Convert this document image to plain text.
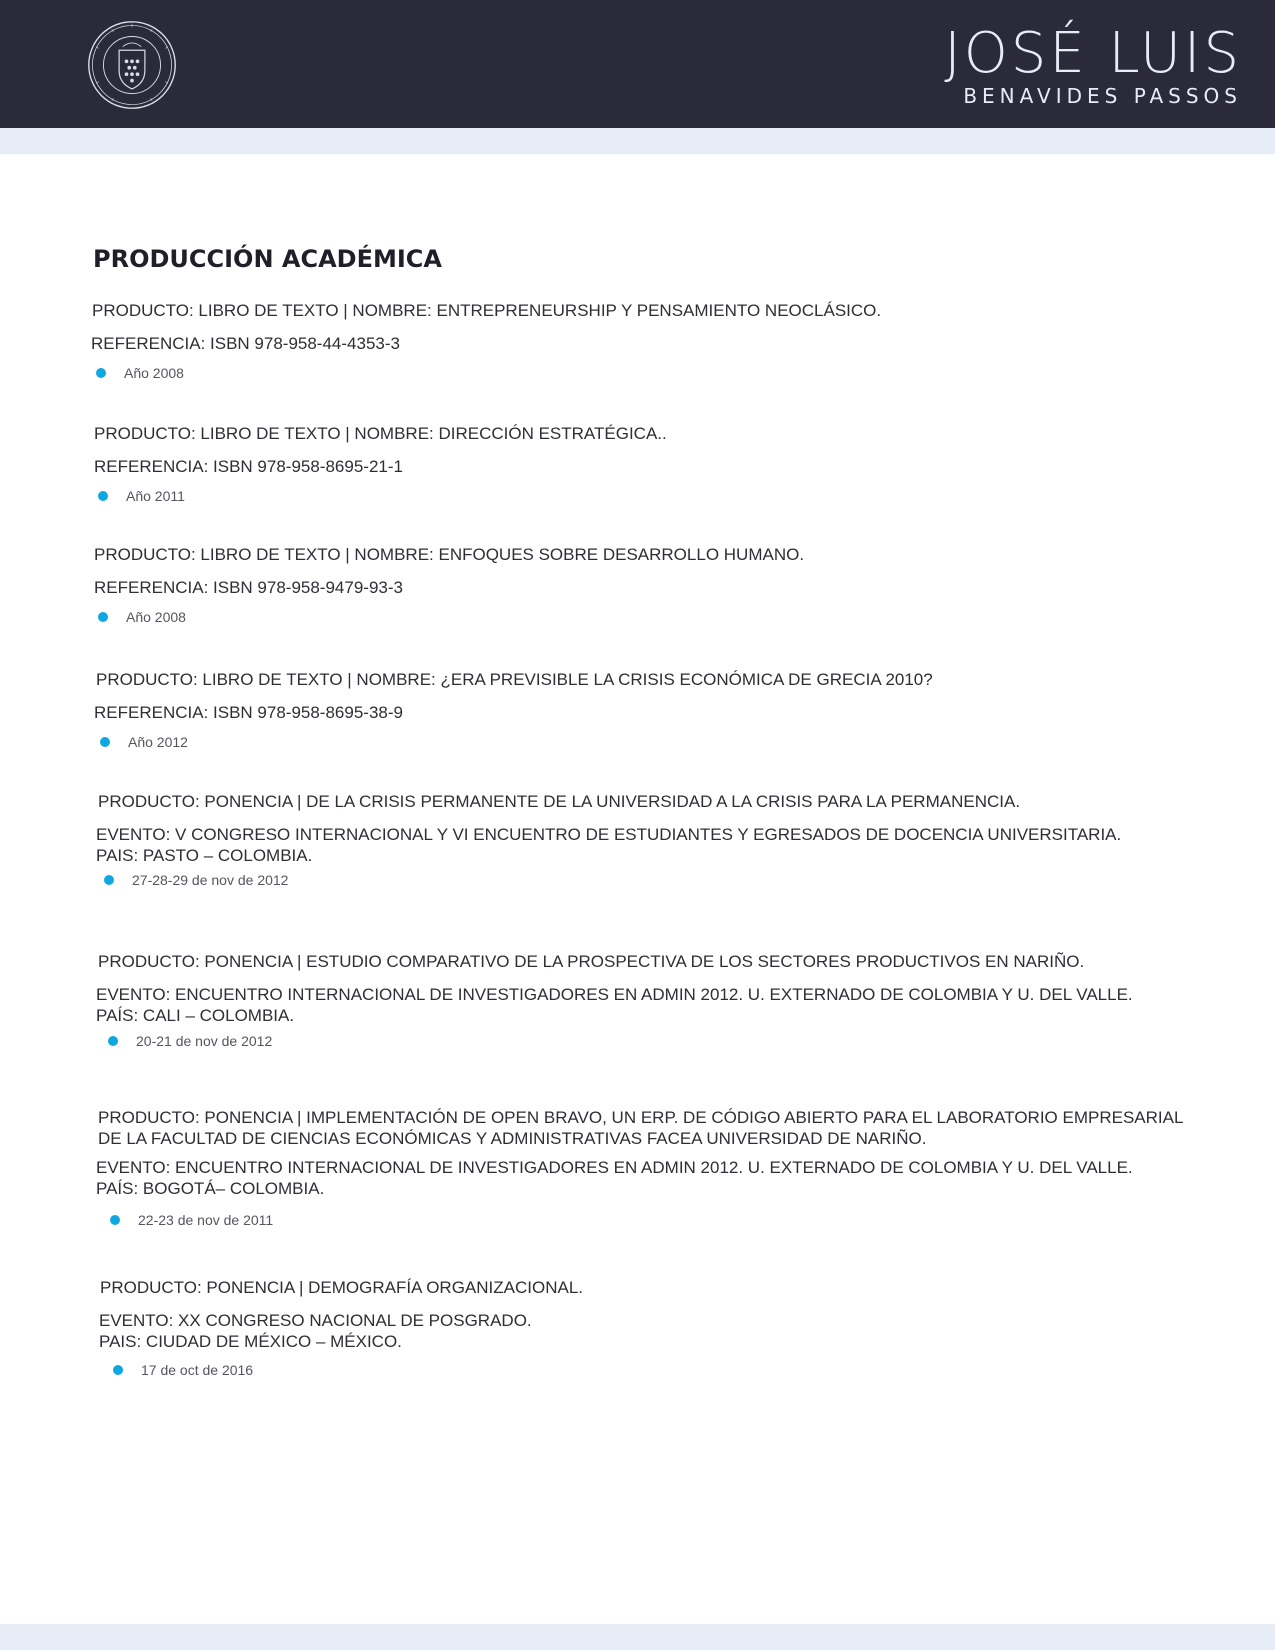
JOSÉ LUIS
BENAVIDES PASSOS
PRODUCCIÓN ACADÉMICA
PRODUCTO: LIBRO DE TEXTO | NOMBRE: ENTREPRENEURSHIP Y PENSAMIENTO NEOCLÁSICO.
REFERENCIA: ISBN 978-958-44-4353-3
Año 2008
PRODUCTO: LIBRO DE TEXTO | NOMBRE: DIRECCIÓN ESTRATÉGICA..
REFERENCIA: ISBN 978-958-8695-21-1
Año 2011
PRODUCTO: LIBRO DE TEXTO | NOMBRE: ENFOQUES SOBRE DESARROLLO HUMANO.
REFERENCIA: ISBN 978-958-9479-93-3
Año 2008
PRODUCTO: LIBRO DE TEXTO | NOMBRE: ¿ERA PREVISIBLE LA CRISIS ECONÓMICA DE GRECIA 2010?
REFERENCIA: ISBN 978-958-8695-38-9
Año 2012
PRODUCTO: PONENCIA | DE LA CRISIS PERMANENTE DE LA UNIVERSIDAD A LA CRISIS PARA LA PERMANENCIA.
EVENTO: V CONGRESO INTERNACIONAL Y VI ENCUENTRO DE ESTUDIANTES Y EGRESADOS DE DOCENCIA UNIVERSITARIA.
PAIS: PASTO – COLOMBIA.
27-28-29 de nov de 2012
PRODUCTO: PONENCIA | ESTUDIO COMPARATIVO DE LA PROSPECTIVA DE LOS SECTORES PRODUCTIVOS EN NARIÑO.
EVENTO: ENCUENTRO INTERNACIONAL DE INVESTIGADORES EN ADMIN 2012. U. EXTERNADO DE COLOMBIA Y U. DEL VALLE.
PAÍS: CALI – COLOMBIA.
20-21 de nov de 2012
PRODUCTO: PONENCIA | IMPLEMENTACIÓN DE OPEN BRAVO, UN ERP. DE CÓDIGO ABIERTO PARA EL LABORATORIO EMPRESARIAL
DE LA FACULTAD DE CIENCIAS ECONÓMICAS Y ADMINISTRATIVAS FACEA UNIVERSIDAD DE NARIÑO.
EVENTO: ENCUENTRO INTERNACIONAL DE INVESTIGADORES EN ADMIN 2012. U. EXTERNADO DE COLOMBIA Y U. DEL VALLE.
PAÍS: BOGOTÁ– COLOMBIA.
22-23 de nov de 2011
PRODUCTO: PONENCIA | DEMOGRAFÍA ORGANIZACIONAL.
EVENTO: XX CONGRESO NACIONAL DE POSGRADO.
PAIS: CIUDAD DE MÉXICO – MÉXICO.
17 de oct de 2016
